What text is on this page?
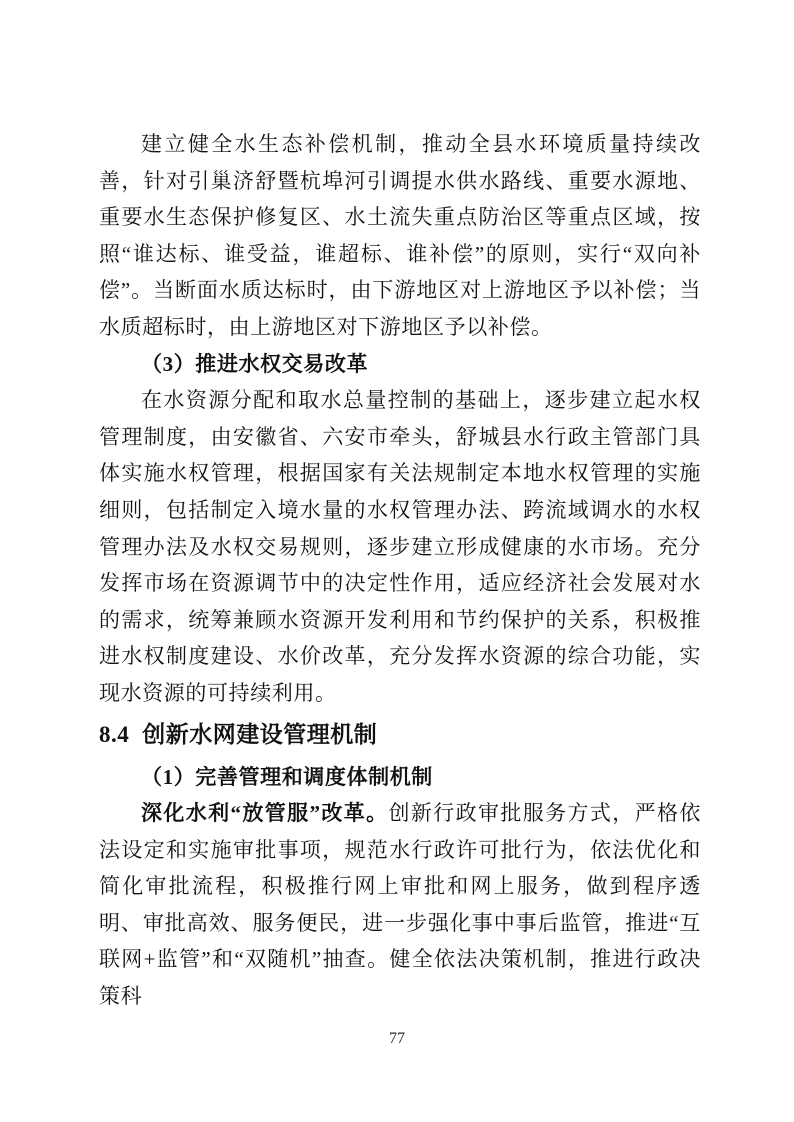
建立健全水生态补偿机制，推动全县水环境质量持续改善，针对引巢济舒暨杭埠河引调提水供水路线、重要水源地、重要水生态保护修复区、水土流失重点防治区等重点区域，按照“谁达标、谁受益，谁超标、谁补偿”的原则，实行“双向补偿”。当断面水质达标时，由下游地区对上游地区予以补偿；当水质超标时，由上游地区对下游地区予以补偿。

（3）推进水权交易改革

在水资源分配和取水总量控制的基础上，逐步建立起水权管理制度，由安徽省、六安市牵头，舒城县水行政主管部门具体实施水权管理，根据国家有关法规制定本地水权管理的实施细则，包括制定入境水量的水权管理办法、跨流域调水的水权管理办法及水权交易规则，逐步建立形成健康的水市场。充分发挥市场在资源调节中的决定性作用，适应经济社会发展对水的需求，统筹兼顾水资源开发利用和节约保护的关系，积极推进水权制度建设、水价改革，充分发挥水资源的综合功能，实现水资源的可持续利用。

8.4 创新水网建设管理机制
（1）完善管理和调度体制机制

深化水利“放管服”改革。创新行政审批服务方式，严格依法设定和实施审批事项，规范水行政许可批行为，依法优化和简化审批流程，积极推行网上审批和网上服务，做到程序透明、审批高效、服务便民，进一步强化事中事后监管，推进“互联网+监管”和“双随机”抽查。健全依法决策机制，推进行政决策科

77
